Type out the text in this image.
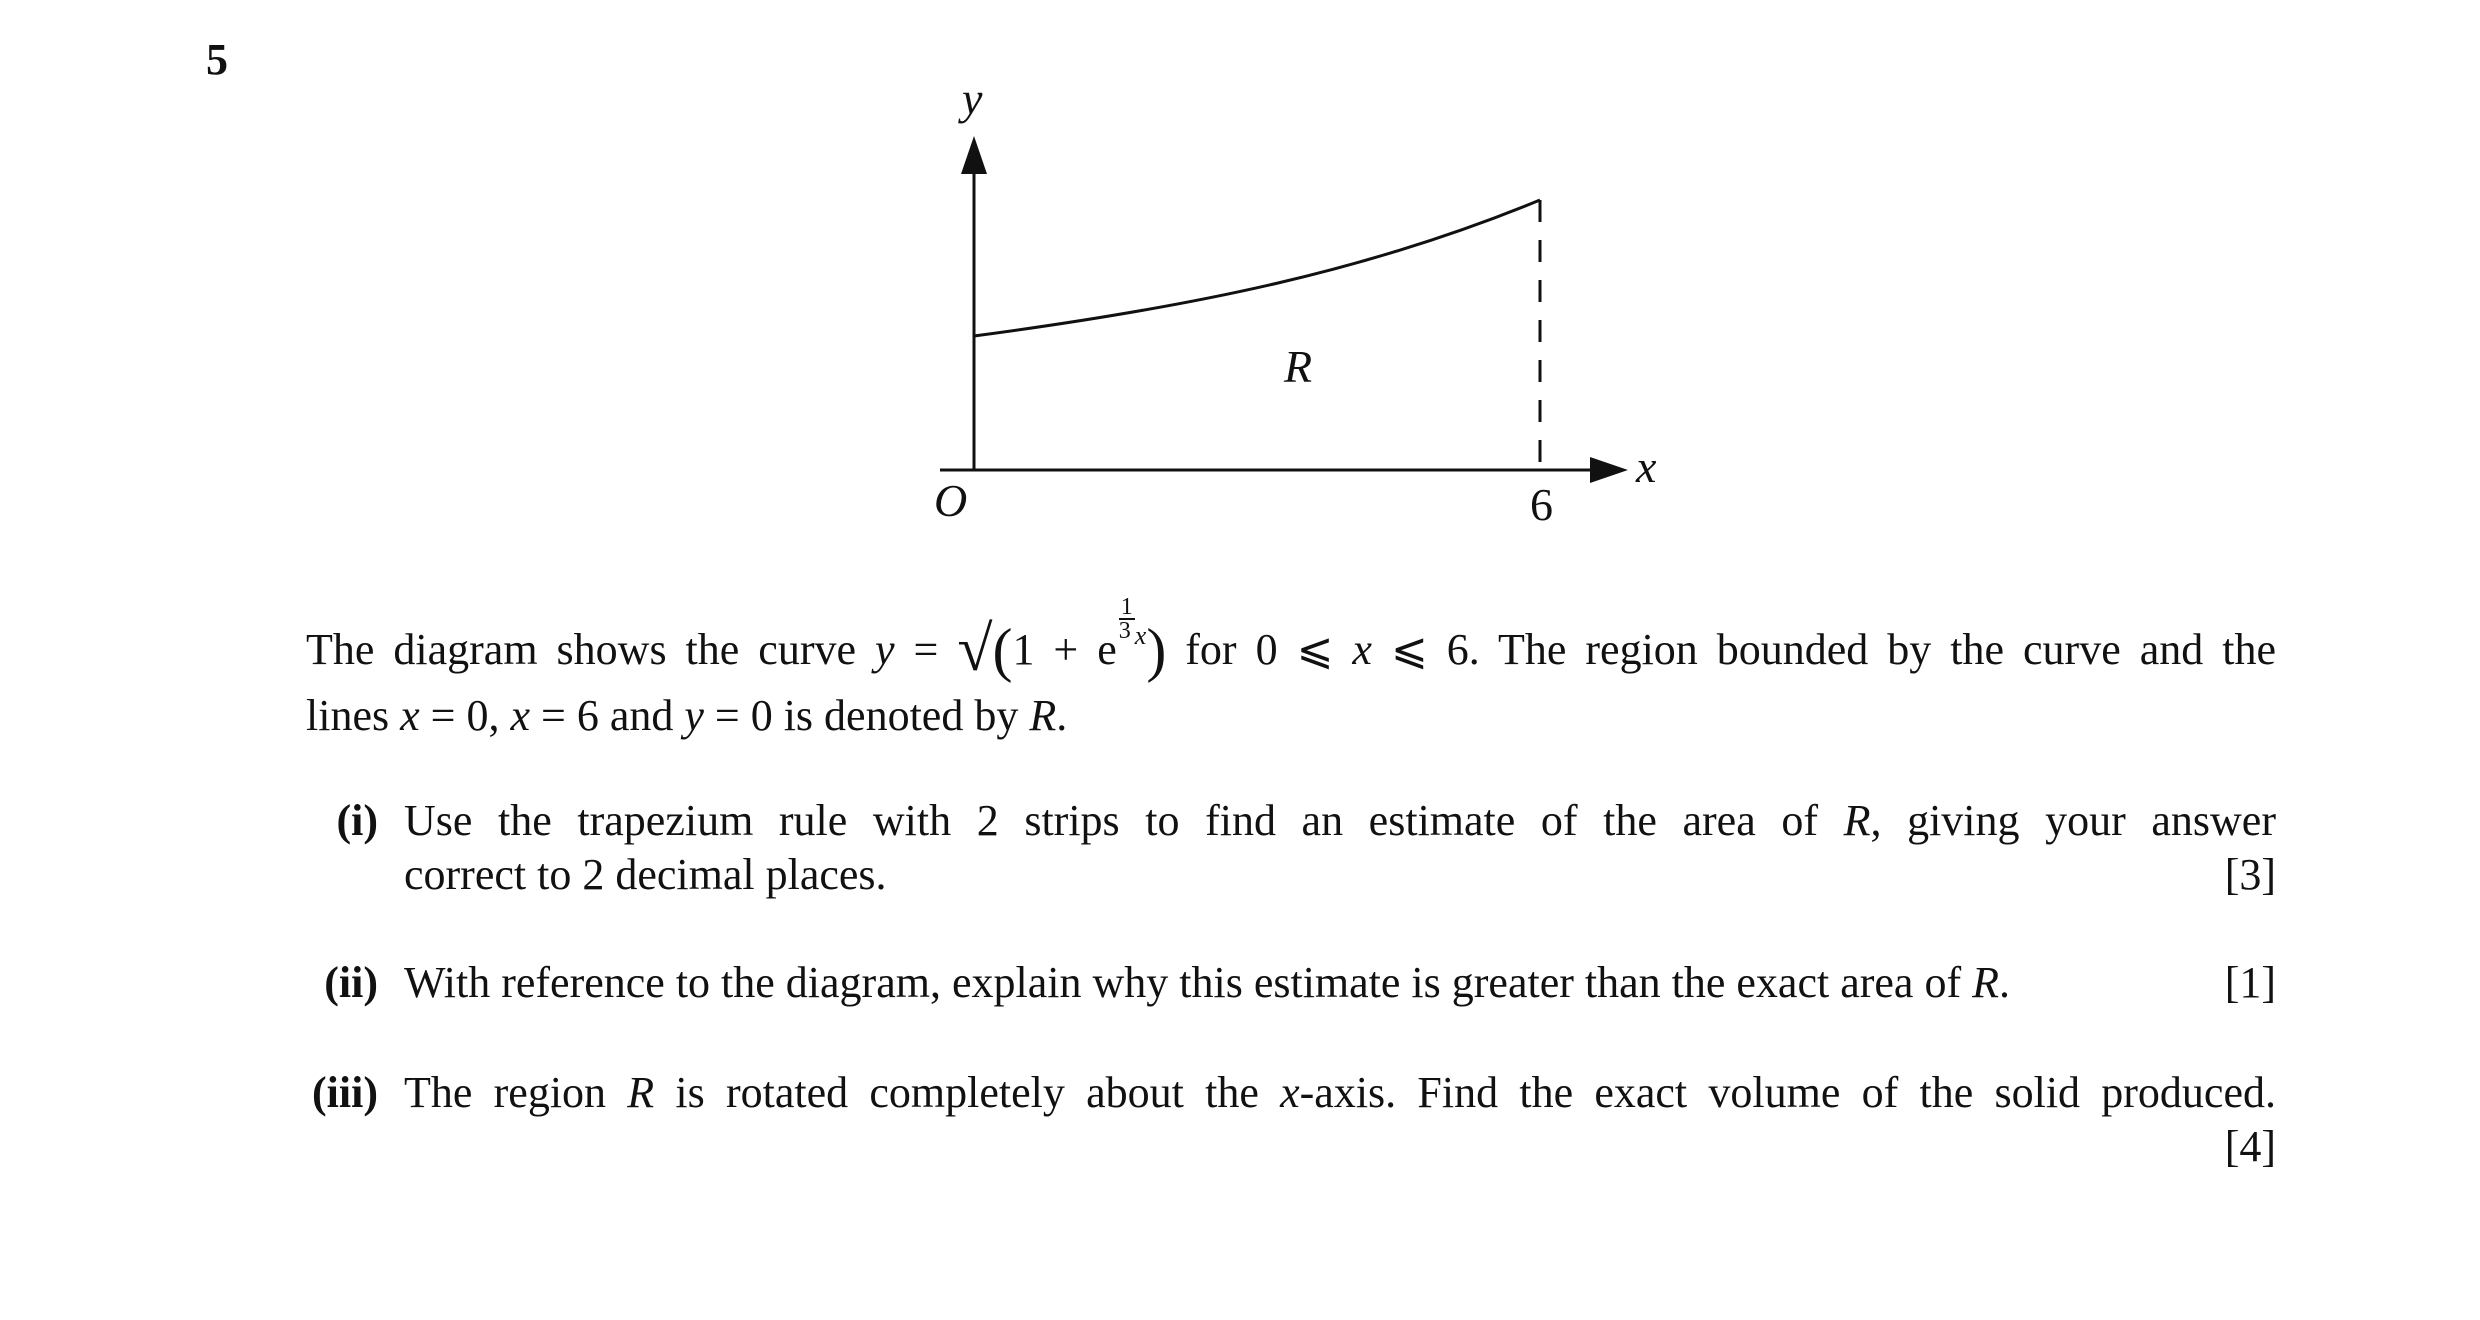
5
y
x
O	6
R
The diagram shows the curve y = √(1 + e
$\frac{1}{3} ^x$) for 0 ⩽ x ⩽ 6. The region bounded by the curve and the
lines x = 0, x = 6 and y = 0 is denoted by R.
(i) Use the trapezium rule with 2 strips to find an estimate of the area of R, giving your answer
correct to 2 decimal places.	[3]
(ii) With reference to the diagram, explain why this estimate is greater than the exact area of R.	[1]
(iii) The region R is rotated completely about the x-axis. Find the exact volume of the solid produced.
[4]
